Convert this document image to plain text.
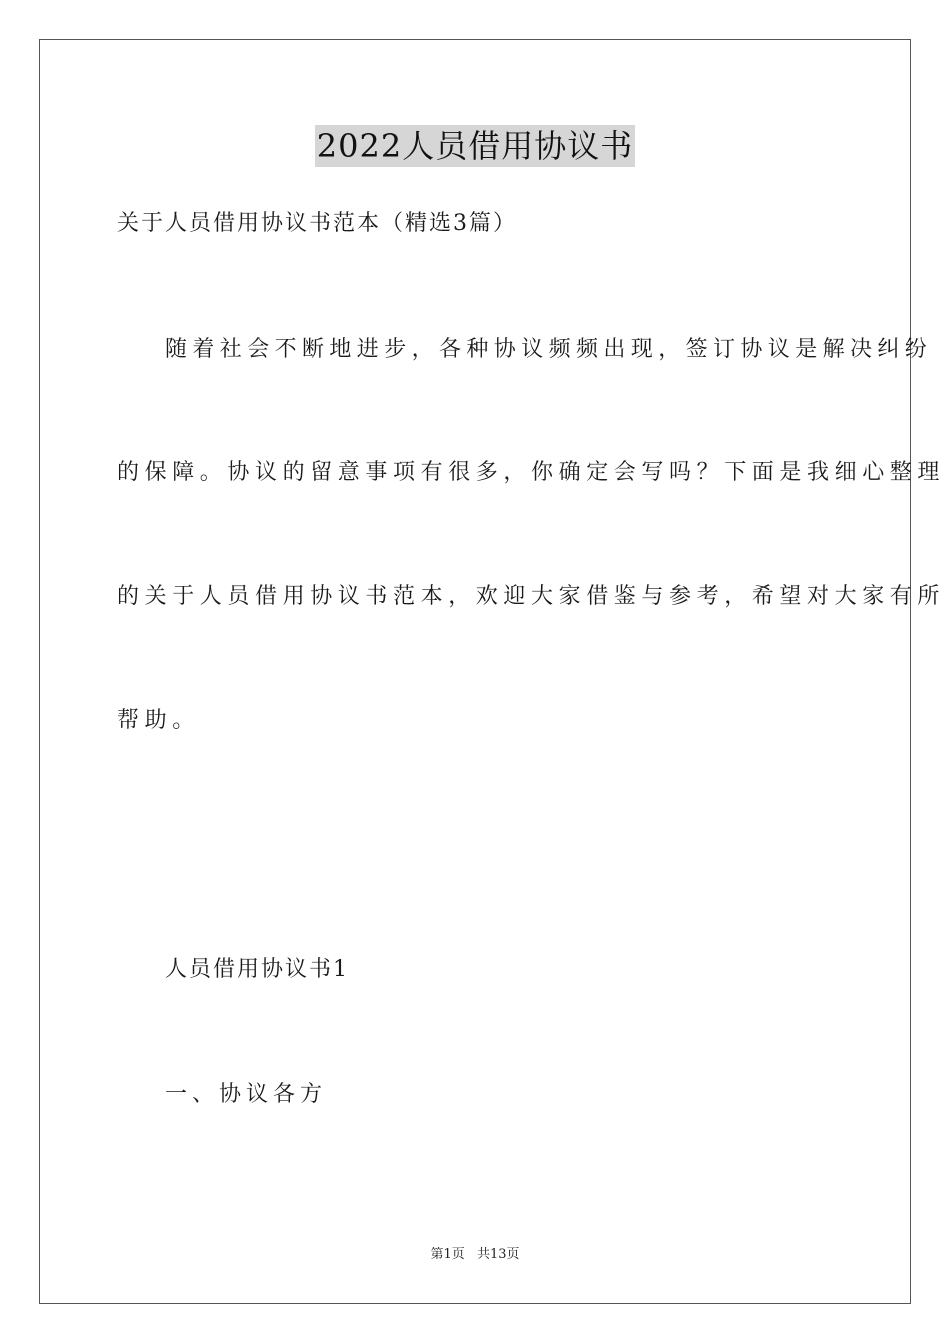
2022人员借用协议书
关于人员借用协议书范本（精选3篇）
随着社会不断地进步，各种协议频频出现，签订协议是解决纠纷
的保障。协议的留意事项有很多，你确定会写吗？下面是我细心整理
的关于人员借用协议书范本，欢迎大家借鉴与参考，希望对大家有所
帮助。
人员借用协议书1
一、协议各方
第1页 共13页
